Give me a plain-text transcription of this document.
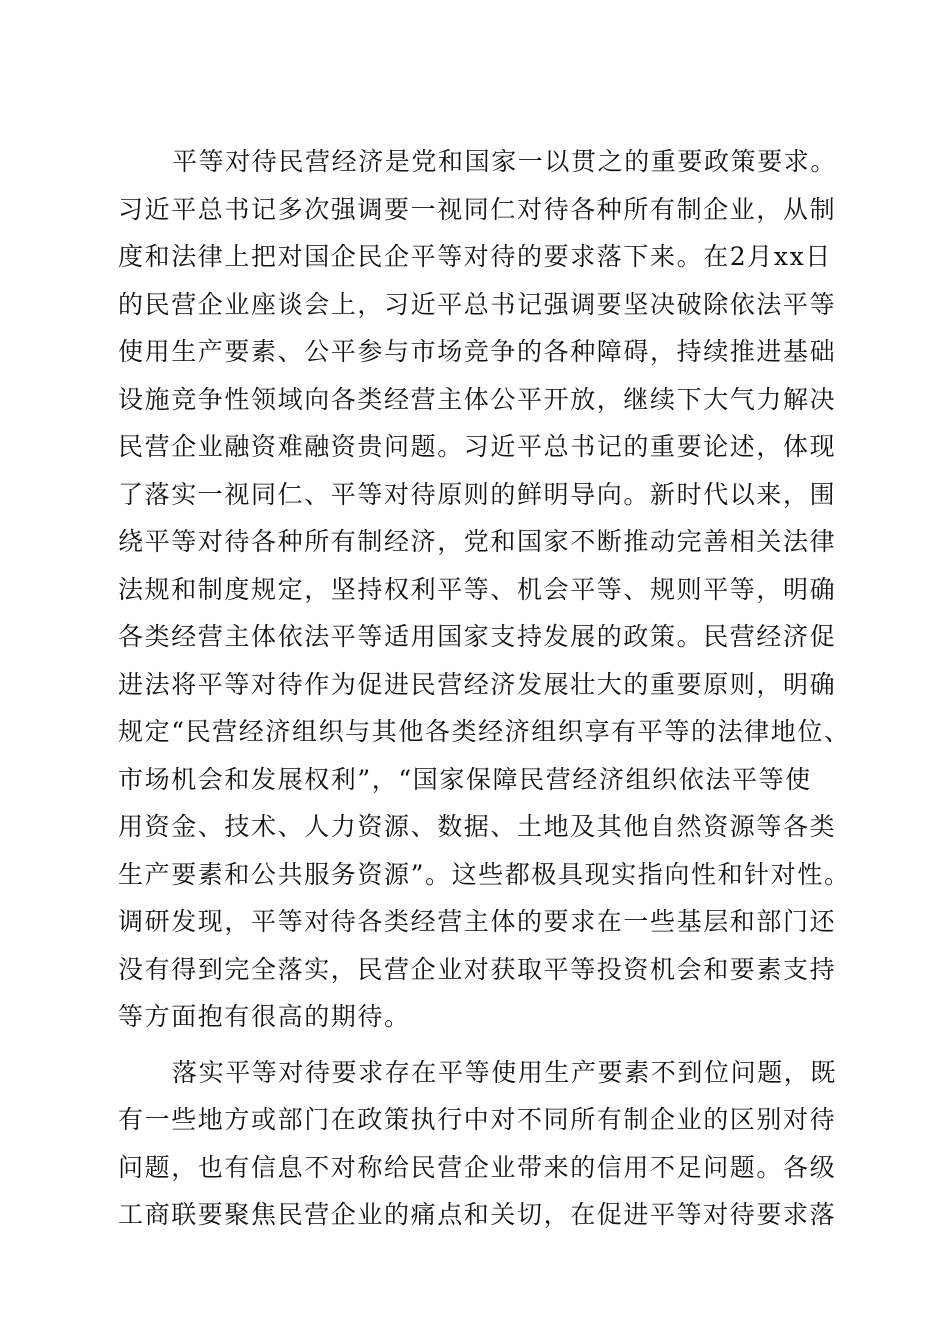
平等对待民营经济是党和国家一以贯之的重要政策要求。
习近平总书记多次强调要一视同仁对待各种所有制企业，从制
度和法律上把对国企民企平等对待的要求落下来。在2月xx日
的民营企业座谈会上，习近平总书记强调要坚决破除依法平等
使用生产要素、公平参与市场竞争的各种障碍，持续推进基础
设施竞争性领域向各类经营主体公平开放，继续下大气力解决
民营企业融资难融资贵问题。习近平总书记的重要论述，体现
了落实一视同仁、平等对待原则的鲜明导向。新时代以来，围
绕平等对待各种所有制经济，党和国家不断推动完善相关法律
法规和制度规定，坚持权利平等、机会平等、规则平等，明确
各类经营主体依法平等适用国家支持发展的政策。民营经济促
进法将平等对待作为促进民营经济发展壮大的重要原则，明确
规定“民营经济组织与其他各类经济组织享有平等的法律地位、
市场机会和发展权利”，“国家保障民营经济组织依法平等使
用资金、技术、人力资源、数据、土地及其他自然资源等各类
生产要素和公共服务资源”。这些都极具现实指向性和针对性。
调研发现，平等对待各类经营主体的要求在一些基层和部门还
没有得到完全落实，民营企业对获取平等投资机会和要素支持
等方面抱有很高的期待。
落实平等对待要求存在平等使用生产要素不到位问题，既
有一些地方或部门在政策执行中对不同所有制企业的区别对待
问题，也有信息不对称给民营企业带来的信用不足问题。各级
工商联要聚焦民营企业的痛点和关切，在促进平等对待要求落
